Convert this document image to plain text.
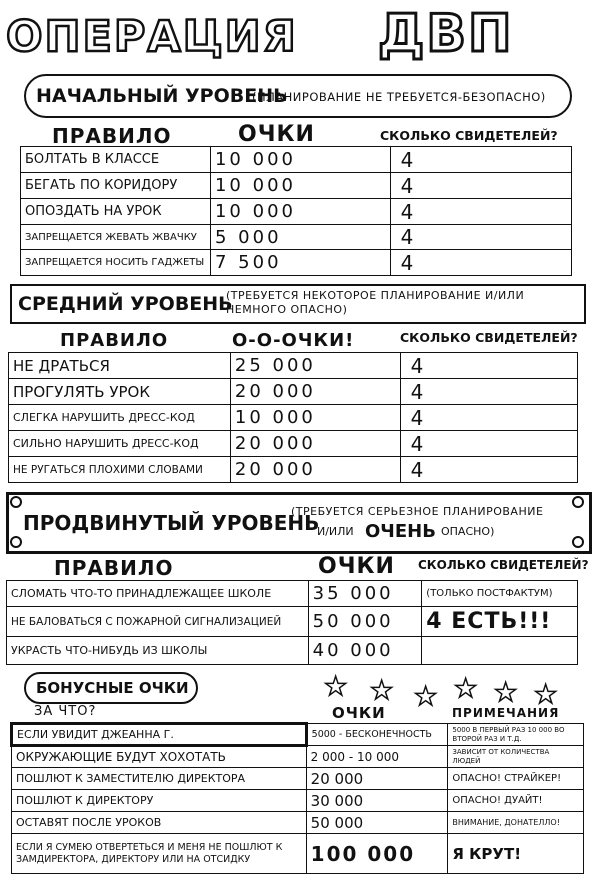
ОПЕРАЦИЯ ДВП
НАЧАЛЬНЫЙ УРОВЕНЬ
(ПЛАНИРОВАНИЕ НЕ ТРЕБУЕТСЯ-БЕЗОПАСНО)
ПРАВИЛО	ОЧКИ	СКОЛЬКО СВИДЕТЕЛЕЙ?
БОЛТАТЬ В КЛАССЕ	10 000	4
БЕГАТЬ ПО КОРИДОРУ	10 000	4
ОПОЗДАТЬ НА УРОК	10 000	4
ЗАПРЕЩАЕТСЯ ЖЕВАТЬ ЖВАЧКУ	5 000	4
ЗАПРЕЩАЕТСЯ НОСИТЬ ГАДЖЕТЫ	7 500	4
СРЕДНИЙ УРОВЕНЬ
(ТРЕБУЕТСЯ НЕКОТОРОЕ ПЛАНИРОВАНИЕ И/ИЛИ НЕМНОГО ОПАСНО)
ПРАВИЛО	О-О-ОЧКИ!	СКОЛЬКО СВИДЕТЕЛЕЙ?
НЕ ДРАТЬСЯ	25 000	4
ПРОГУЛЯТЬ УРОК	20 000	4
СЛЕГКА НАРУШИТЬ ДРЕСС-КОД	10 000	4
СИЛЬНО НАРУШИТЬ ДРЕСС-КОД	20 000	4
НЕ РУГАТЬСЯ ПЛОХИМИ СЛОВАМИ	20 000	4
ПРОДВИНУТЫЙ УРОВЕНЬ
(ТРЕБУЕТСЯ СЕРЬЕЗНОЕ ПЛАНИРОВАНИЕ
И/ИЛИ ОЧЕНЬ ОПАСНО)
ПРАВИЛО	ОЧКИ СКОЛЬКО СВИДЕТЕЛЕЙ?
СЛОМАТЬ ЧТО-ТО ПРИНАДЛЕЖАЩЕЕ ШКОЛЕ	35 000	(ТОЛЬКО ПОСТФАКТУМ)
НЕ БАЛОВАТЬСЯ С ПОЖАРНОЙ СИГНАЛИЗАЦИЕЙ	50 000	4 ЕСТЬ!!!
УКРАСТЬ ЧТО-НИБУДЬ ИЗ ШКОЛЫ	40 000	
БОНУСНЫЕ ОЧКИ	★ ★ ★ ★ ★ ★
ЗА ЧТО?	ОЧКИ	ПРИМЕЧАНИЯ
ЕСЛИ УВИДИТ ДЖЕАННА Г.	5000 - БЕСКОНЕЧНОСТЬ	5000 В ПЕРВЫЙ РАЗ 10 000 ВО ВТОРОЙ РАЗ И Т.Д.
ОКРУЖАЮЩИЕ БУДУТ ХОХОТАТЬ	2 000 - 10 000	ЗАВИСИТ ОТ КОЛИЧЕСТВА ЛЮДЕЙ
ПОШЛЮТ К ЗАМЕСТИТЕЛЮ ДИРЕКТОРА	20 000	ОПАСНО! СТРАЙКЕР!
ПОШЛЮТ К ДИРЕКТОРУ	30 000	ОПАСНО! ДУАЙТ!
ОСТАВЯТ ПОСЛЕ УРОКОВ	50 000	ВНИМАНИЕ, ДОНАТЕЛЛО!
ЕСЛИ Я СУМЕЮ ОТВЕРТЕТЬСЯ И МЕНЯ НЕ ПОШЛЮТ К ЗАМДИРЕКТОРА, ДИРЕКТОРУ ИЛИ НА ОТСИДКУ	100 000	Я КРУТ!
